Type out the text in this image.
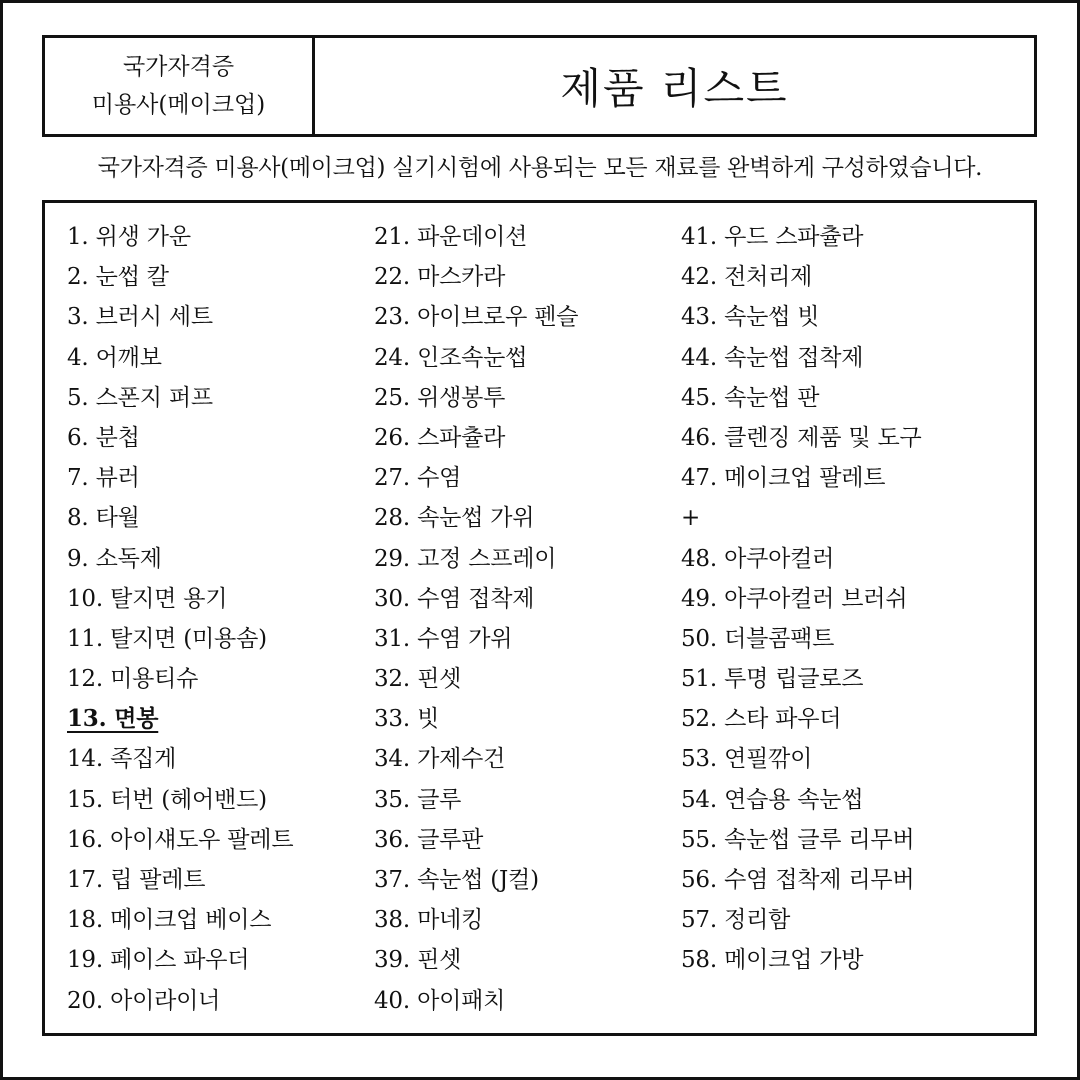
국가자격증
미용사(메이크업)	제품 리스트
국가자격증 미용사(메이크업) 실기시험에 사용되는 모든 재료를 완벽하게 구성하였습니다.
1. 위생 가운
2. 눈썹 칼
3. 브러시 세트
4. 어깨보
5. 스폰지 퍼프
6. 분첩
7. 뷰러
8. 타월
9. 소독제
10. 탈지면 용기
11. 탈지면 (미용솜)
12. 미용티슈
13. 면봉
14. 족집게
15. 터번 (헤어밴드)
16. 아이섀도우 팔레트
17. 립 팔레트
18. 메이크업 베이스
19. 페이스 파우더
20. 아이라이너
21. 파운데이션
22. 마스카라
23. 아이브로우 펜슬
24. 인조속눈썹
25. 위생봉투
26. 스파츌라
27. 수염
28. 속눈썹 가위
29. 고정 스프레이
30. 수염 접착제
31. 수염 가위
32. 핀셋
33. 빗
34. 가제수건
35. 글루
36. 글루판
37. 속눈썹 (J컬)
38. 마네킹
39. 핀셋
40. 아이패치
41. 우드 스파츌라
42. 전처리제
43. 속눈썹 빗
44. 속눈썹 접착제
45. 속눈썹 판
46. 클렌징 제품 및 도구
47. 메이크업 팔레트
+
48. 아쿠아컬러
49. 아쿠아컬러 브러쉬
50. 더블콤팩트
51. 투명 립글로즈
52. 스타 파우더
53. 연필깎이
54. 연습용 속눈썹
55. 속눈썹 글루 리무버
56. 수염 접착제 리무버
57. 정리함
58. 메이크업 가방
